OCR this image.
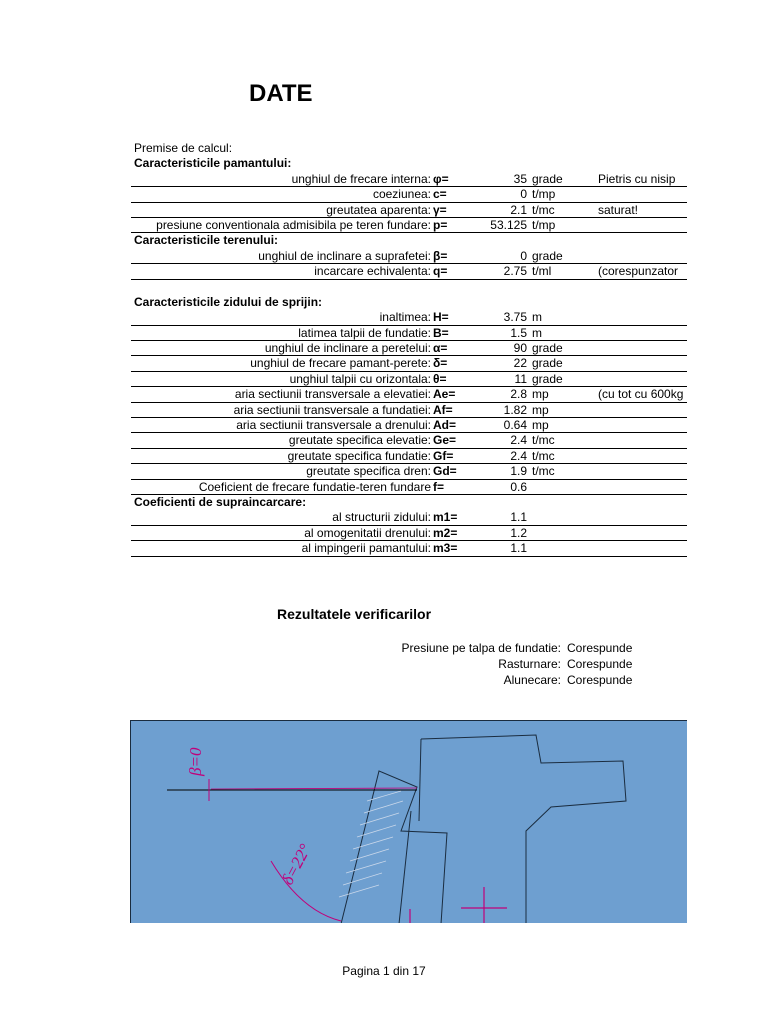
DATE
Premise de calcul:
Caracteristicile pamantului:
unghiul de frecare interna: φ=	35 grade	Pietris cu nisip
coeziunea: c=	0 t/mp
greutatea aparenta: γ=	2.1 t/mc	saturat!
presiune conventionala admisibila pe teren fundare: p=	53.125 t/mp
Caracteristicile terenului:
unghiul de inclinare a suprafetei: β=	0 grade
incarcare echivalenta: q=	2.75 t/ml	(corespunzator
Caracteristicile zidului de sprijin:
inaltimea: H=	3.75 m
latimea talpii de fundatie: B=	1.5 m
unghiul de inclinare a peretelui: α=	90 grade
unghiul de frecare pamant-perete: δ=	22 grade
unghiul talpii cu orizontala: θ=	11 grade
aria sectiunii transversale a elevatiei: Ae=	2.8 mp	(cu tot cu 600kg
aria sectiunii transversale a fundatiei: Af=	1.82 mp
aria sectiunii transversale a drenului: Ad=	0.64 mp
greutate specifica elevatie: Ge=	2.4 t/mc
greutate specifica fundatie: Gf=	2.4 t/mc
greutate specifica dren: Gd=	1.9 t/mc
Coeficient de frecare fundatie-teren fundare f=	0.6
Coeficienti de supraincarcare:
al structurii zidului: m1=	1.1
al omogenitatii drenului: m2=	1.2
al impingerii pamantului: m3=	1.1
Rezultatele verificarilor
Presiune pe talpa de fundatie: Corespunde
Rasturnare: Corespunde
Alunecare: Corespunde
β=0
δ=22°
Pagina 1 din 17
